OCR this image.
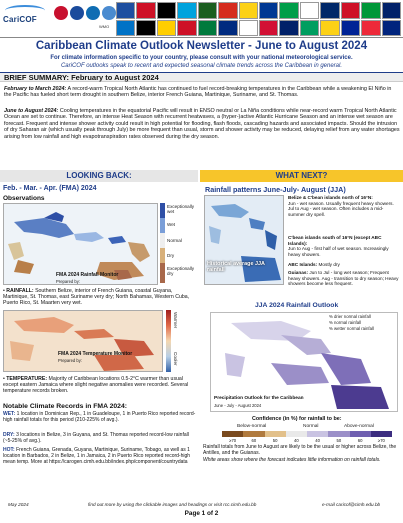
CariCOF
WMO
Caribbean Climate Outlook Newsletter - June to August 2024
For climate information specific to your country, please consult with your national meteorological service.
CariCOF outlooks speak to recent and expected seasonal climate trends across the Caribbean in general.
BRIEF SUMMARY: February to August 2024
February to March 2024: A record-warm Tropical North Atlantic has continued to fuel record-breaking temperatures in the Caribbean while a weakening El Niño in the Pacific has fueled short term drought in southern Belize, interior French Guiana, Martinique, Suriname, and St. Thomas.
June to August 2024: Cooling temperatures in the equatorial Pacific will result in ENSO neutral or La Niña conditions while near-record warm Tropical North Atlantic Ocean are set to continue. Therefore, an intense Heat Season with recurrent heatwaves, a (hyper-)active Atlantic Hurricane Season and an intense wet season are forecast. Frequent and intense shower activity could result in high potential for flooding, flash floods, cascading hazards and associated impacts. Should the intrusion of dry Saharan air (which usually peak through July) be more frequent than usual, storm and shower activity may be reduced, delaying relief from any water shortages arising from low rainfall and high evapotranspiration rates observed during the dry season.
LOOKING BACK:	WHAT NEXT?
Feb. - Mar. - Apr. (FMA) 2024
Observations
FMA 2024 Rainfall Monitor
Prepared by:
Exceptionally wet
Wet
Normal
Dry
Exceptionally dry
• RAINFALL: Southern Belize, interior of French Guiana, coastal Guyana, Martinique, St. Thomas, east Suriname very dry; North Bahamas, Western Cuba, Puerto Rico, St. Maarten very wet.
FMA 2024 Temperature Monitor
Prepared by:
Warmer
Cooler
• TEMPERATURE: Majority of Caribbean locations 0.5-2°C warmer than usual except eastern Jamaica where slight negative anomalies were recorded. Several temperature records broken.
Notable Climate Records in FMA 2024:
WET: 1 location in Dominican Rep., 1 in Guadeloupe, 1 in Puerto Rico reported record-high rainfall totals for this period (210-225% of avg.).
DRY: 3 locations in Belize, 3 in Guyana, and St. Thomas reported record-low rainfall (~5-25% of avg.).
HOT: French Guiana, Grenada, Guyana, Martinique, Suriname, Tobago, as well as 1 location in Barbados, 2 in Belize, 1 in Jamaica, 2 in Puerto Rico reported record-high mean temp. More at https://carogen.cimh.edu.bb/index.php/component/countrydata
Rainfall patterns June-July- August (JJA)
Historical average JJA rainfall
Belize & C'bean islands north of 16°N:
Jun - wet season. Usually frequent heavy showers. Jul to Aug - wet season. Often includes a mid-summer dry spell.
C'bean islands south of 16°N (except ABC Islands):
Jun to Aug - first half of wet season. Increasingly heavy showers.
ABC Islands: Mostly dry
Guianas: Jun to Jul - long wet season; Frequent heavy showers. Aug - transition to dry season; Heavy showers become less frequent.
JJA 2024 Rainfall Outlook
% drier normal rainfall
% normal rainfall
% wetter normal rainfall
Precipitation Outlook for the Caribbean
June - July - August 2024
Confidence (in %) for rainfall to be:
Below-normal	Normal	Above-normal
≥70	60	50	40	40	50	60	≥70
Rainfall totals from June to August are likely to be the usual or higher across Belize, the Antilles, and the Guianas.
White areas show where the forecast indicates little information on rainfall totals.
May 2024	find out more by using the clickable images and headings or visit rcc.cimh.edu.bb	e-mail caricof@cimh.edu.bb
Page 1 of 2
